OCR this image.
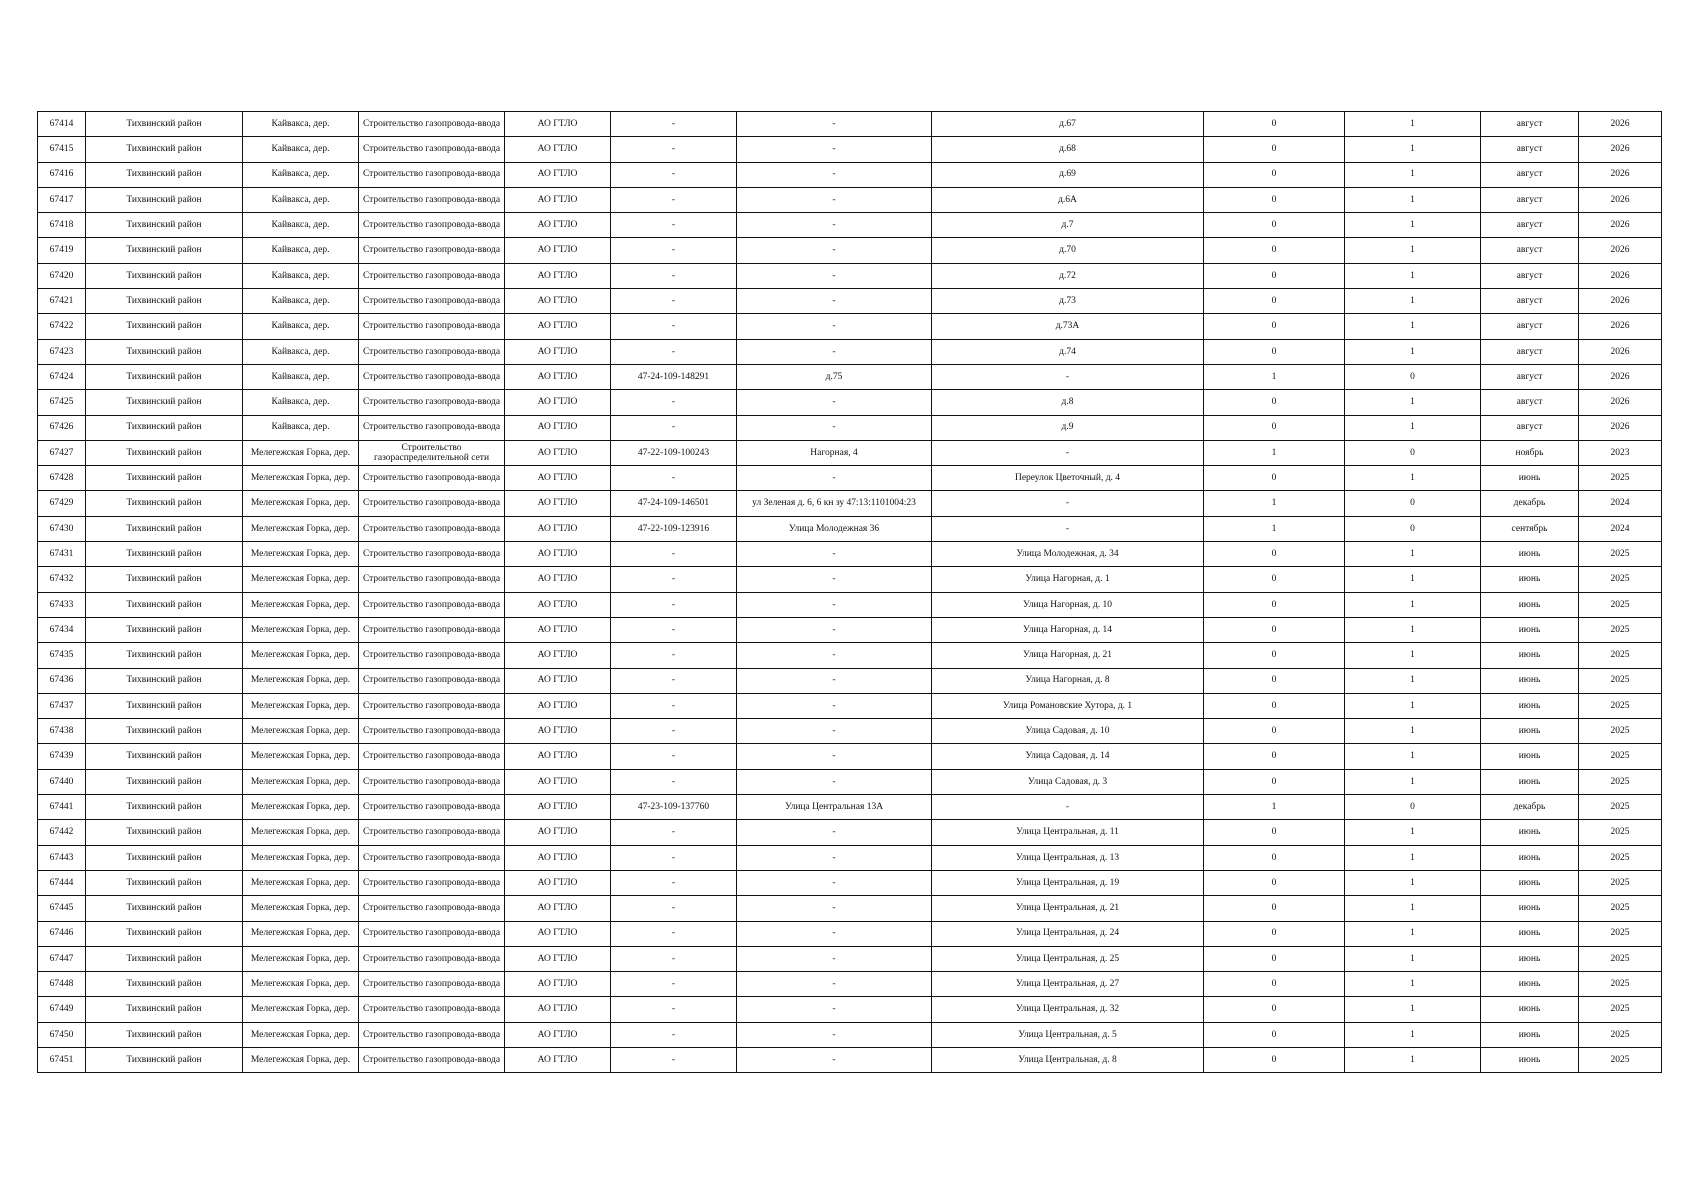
67414	Тихвинский район	Кайвакса, дер.	Строительство газопровода-ввода	АО ГТЛО	-	-	д.67	0	1	август	2026
67415	Тихвинский район	Кайвакса, дер.	Строительство газопровода-ввода	АО ГТЛО	-	-	д.68	0	1	август	2026
67416	Тихвинский район	Кайвакса, дер.	Строительство газопровода-ввода	АО ГТЛО	-	-	д.69	0	1	август	2026
67417	Тихвинский район	Кайвакса, дер.	Строительство газопровода-ввода	АО ГТЛО	-	-	д.6А	0	1	август	2026
67418	Тихвинский район	Кайвакса, дер.	Строительство газопровода-ввода	АО ГТЛО	-	-	д.7	0	1	август	2026
67419	Тихвинский район	Кайвакса, дер.	Строительство газопровода-ввода	АО ГТЛО	-	-	д.70	0	1	август	2026
67420	Тихвинский район	Кайвакса, дер.	Строительство газопровода-ввода	АО ГТЛО	-	-	д.72	0	1	август	2026
67421	Тихвинский район	Кайвакса, дер.	Строительство газопровода-ввода	АО ГТЛО	-	-	д.73	0	1	август	2026
67422	Тихвинский район	Кайвакса, дер.	Строительство газопровода-ввода	АО ГТЛО	-	-	д.73А	0	1	август	2026
67423	Тихвинский район	Кайвакса, дер.	Строительство газопровода-ввода	АО ГТЛО	-	-	д.74	0	1	август	2026
67424	Тихвинский район	Кайвакса, дер.	Строительство газопровода-ввода	АО ГТЛО	47-24-109-148291	д.75	-	1	0	август	2026
67425	Тихвинский район	Кайвакса, дер.	Строительство газопровода-ввода	АО ГТЛО	-	-	д.8	0	1	август	2026
67426	Тихвинский район	Кайвакса, дер.	Строительство газопровода-ввода	АО ГТЛО	-	-	д.9	0	1	август	2026
67427	Тихвинский район	Мелегежская Горка, дер.	Строительство газораспределительной сети	АО ГТЛО	47-22-109-100243	Нагорная, 4	-	1	0	ноябрь	2023
67428	Тихвинский район	Мелегежская Горка, дер.	Строительство газопровода-ввода	АО ГТЛО	-	-	Переулок Цветочный, д. 4	0	1	июнь	2025
67429	Тихвинский район	Мелегежская Горка, дер.	Строительство газопровода-ввода	АО ГТЛО	47-24-109-146501	ул Зеленая д. 6, 6 кн зу 47:13:1101004:23	-	1	0	декабрь	2024
67430	Тихвинский район	Мелегежская Горка, дер.	Строительство газопровода-ввода	АО ГТЛО	47-22-109-123916	Улица Молодежная 36	-	1	0	сентябрь	2024
67431	Тихвинский район	Мелегежская Горка, дер.	Строительство газопровода-ввода	АО ГТЛО	-	-	Улица Молодежная, д. 34	0	1	июнь	2025
67432	Тихвинский район	Мелегежская Горка, дер.	Строительство газопровода-ввода	АО ГТЛО	-	-	Улица Нагорная, д. 1	0	1	июнь	2025
67433	Тихвинский район	Мелегежская Горка, дер.	Строительство газопровода-ввода	АО ГТЛО	-	-	Улица Нагорная, д. 10	0	1	июнь	2025
67434	Тихвинский район	Мелегежская Горка, дер.	Строительство газопровода-ввода	АО ГТЛО	-	-	Улица Нагорная, д. 14	0	1	июнь	2025
67435	Тихвинский район	Мелегежская Горка, дер.	Строительство газопровода-ввода	АО ГТЛО	-	-	Улица Нагорная, д. 21	0	1	июнь	2025
67436	Тихвинский район	Мелегежская Горка, дер.	Строительство газопровода-ввода	АО ГТЛО	-	-	Улица Нагорная, д. 8	0	1	июнь	2025
67437	Тихвинский район	Мелегежская Горка, дер.	Строительство газопровода-ввода	АО ГТЛО	-	-	Улица Романовские Хутора, д. 1	0	1	июнь	2025
67438	Тихвинский район	Мелегежская Горка, дер.	Строительство газопровода-ввода	АО ГТЛО	-	-	Улица Садовая, д. 10	0	1	июнь	2025
67439	Тихвинский район	Мелегежская Горка, дер.	Строительство газопровода-ввода	АО ГТЛО	-	-	Улица Садовая, д. 14	0	1	июнь	2025
67440	Тихвинский район	Мелегежская Горка, дер.	Строительство газопровода-ввода	АО ГТЛО	-	-	Улица Садовая, д. 3	0	1	июнь	2025
67441	Тихвинский район	Мелегежская Горка, дер.	Строительство газопровода-ввода	АО ГТЛО	47-23-109-137760	Улица Центральная 13А	-	1	0	декабрь	2025
67442	Тихвинский район	Мелегежская Горка, дер.	Строительство газопровода-ввода	АО ГТЛО	-	-	Улица Центральная, д. 11	0	1	июнь	2025
67443	Тихвинский район	Мелегежская Горка, дер.	Строительство газопровода-ввода	АО ГТЛО	-	-	Улица Центральная, д. 13	0	1	июнь	2025
67444	Тихвинский район	Мелегежская Горка, дер.	Строительство газопровода-ввода	АО ГТЛО	-	-	Улица Центральная, д. 19	0	1	июнь	2025
67445	Тихвинский район	Мелегежская Горка, дер.	Строительство газопровода-ввода	АО ГТЛО	-	-	Улица Центральная, д. 21	0	1	июнь	2025
67446	Тихвинский район	Мелегежская Горка, дер.	Строительство газопровода-ввода	АО ГТЛО	-	-	Улица Центральная, д. 24	0	1	июнь	2025
67447	Тихвинский район	Мелегежская Горка, дер.	Строительство газопровода-ввода	АО ГТЛО	-	-	Улица Центральная, д. 25	0	1	июнь	2025
67448	Тихвинский район	Мелегежская Горка, дер.	Строительство газопровода-ввода	АО ГТЛО	-	-	Улица Центральная, д. 27	0	1	июнь	2025
67449	Тихвинский район	Мелегежская Горка, дер.	Строительство газопровода-ввода	АО ГТЛО	-	-	Улица Центральная, д. 32	0	1	июнь	2025
67450	Тихвинский район	Мелегежская Горка, дер.	Строительство газопровода-ввода	АО ГТЛО	-	-	Улица Центральная, д. 5	0	1	июнь	2025
67451	Тихвинский район	Мелегежская Горка, дер.	Строительство газопровода-ввода	АО ГТЛО	-	-	Улица Центральная, д. 8	0	1	июнь	2025
